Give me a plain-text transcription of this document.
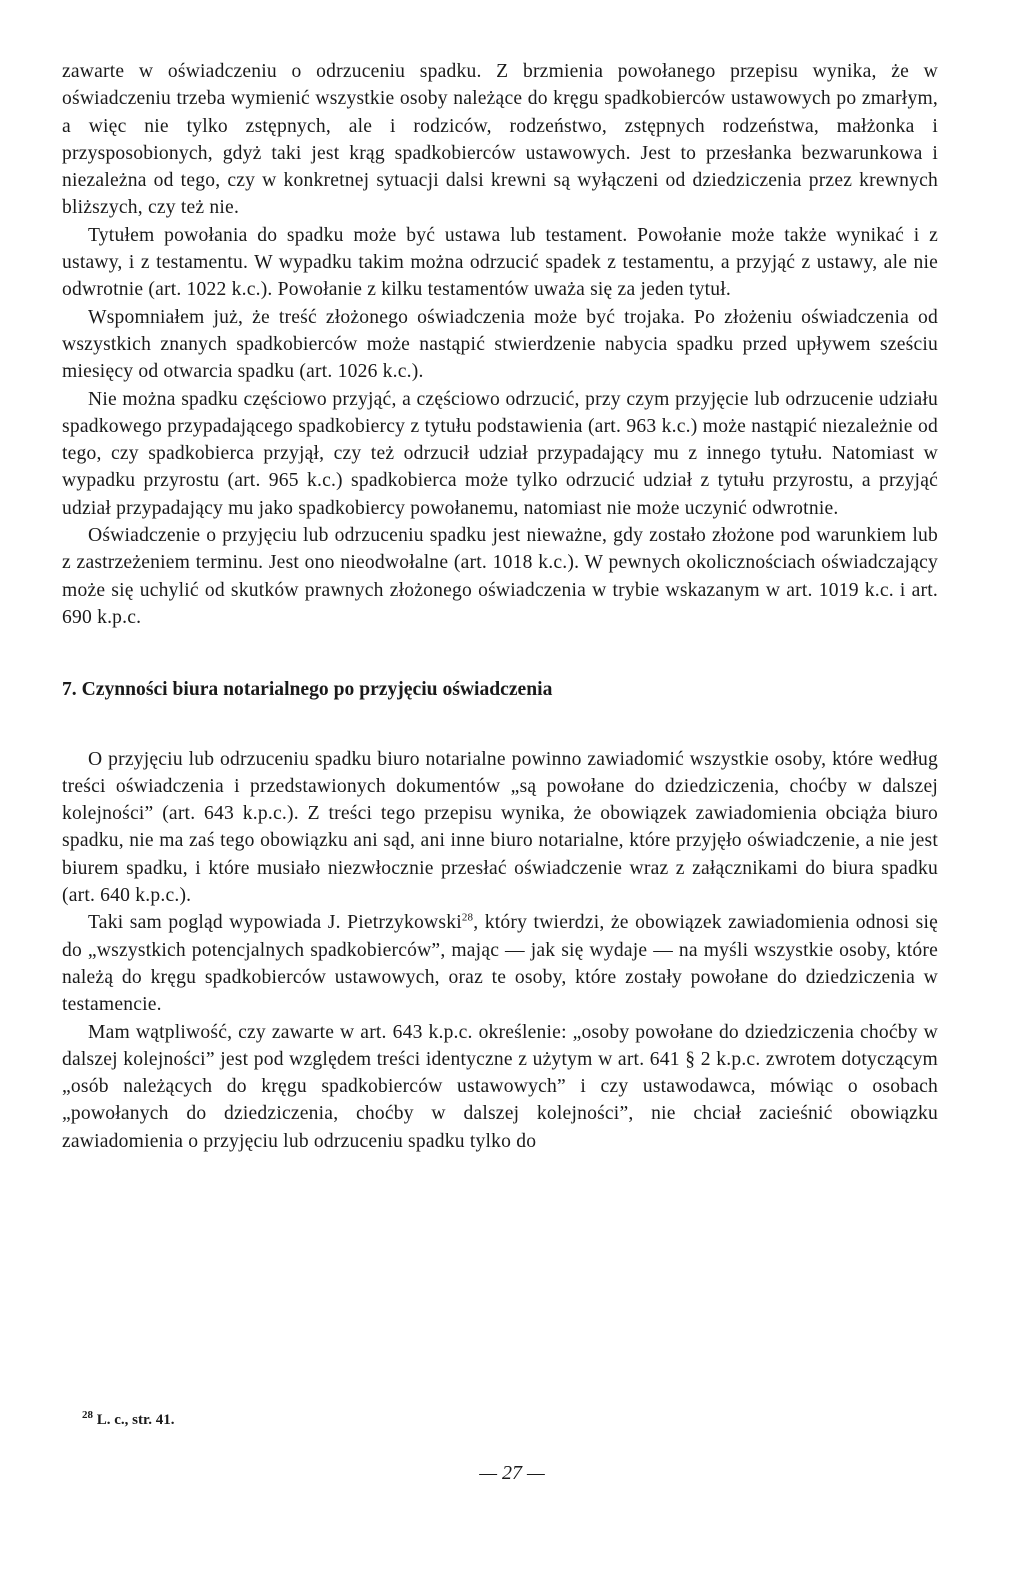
zawarte w oświadczeniu o odrzuceniu spadku. Z brzmienia powołanego przepisu wynika, że w oświadczeniu trzeba wymienić wszystkie osoby należące do kręgu spadkobierców ustawowych po zmarłym, a więc nie tylko zstępnych, ale i rodziców, rodzeństwo, zstępnych rodzeństwa, małżonka i przysposobionych, gdyż taki jest krąg spadkobierców ustawowych. Jest to przesłanka bezwarunkowa i niezależna od tego, czy w konkretnej sytuacji dalsi krewni są wyłączeni od dziedziczenia przez krewnych bliższych, czy też nie.

Tytułem powołania do spadku może być ustawa lub testament. Powołanie może także wynikać i z ustawy, i z testamentu. W wypadku takim można odrzucić spadek z testamentu, a przyjąć z ustawy, ale nie odwrotnie (art. 1022 k.c.). Powołanie z kilku testamentów uważa się za jeden tytuł.

Wspomniałem już, że treść złożonego oświadczenia może być trojaka. Po złożeniu oświadczenia od wszystkich znanych spadkobierców może nastąpić stwierdzenie nabycia spadku przed upływem sześciu miesięcy od otwarcia spadku (art. 1026 k.c.).

Nie można spadku częściowo przyjąć, a częściowo odrzucić, przy czym przyjęcie lub odrzucenie udziału spadkowego przypadającego spadkobiercy z tytułu podstawienia (art. 963 k.c.) może nastąpić niezależnie od tego, czy spadkobierca przyjął, czy też odrzucił udział przypadający mu z innego tytułu. Natomiast w wypadku przyrostu (art. 965 k.c.) spadkobierca może tylko odrzucić udział z tytułu przyrostu, a przyjąć udział przypadający mu jako spadkobiercy powołanemu, natomiast nie może uczynić odwrotnie.

Oświadczenie o przyjęciu lub odrzuceniu spadku jest nieważne, gdy zostało złożone pod warunkiem lub z zastrzeżeniem terminu. Jest ono nieodwołalne (art. 1018 k.c.). W pewnych okolicznościach oświadczający może się uchylić od skutków prawnych złożonego oświadczenia w trybie wskazanym w art. 1019 k.c. i art. 690 k.p.c.

7. Czynności biura notarialnego po przyjęciu oświadczenia

O przyjęciu lub odrzuceniu spadku biuro notarialne powinno zawiadomić wszystkie osoby, które według treści oświadczenia i przedstawionych dokumentów „są powołane do dziedziczenia, choćby w dalszej kolejności” (art. 643 k.p.c.). Z treści tego przepisu wynika, że obowiązek zawiadomienia obciąża biuro spadku, nie ma zaś tego obowiązku ani sąd, ani inne biuro notarialne, które przyjęło oświadczenie, a nie jest biurem spadku, i które musiało niezwłocznie przesłać oświadczenie wraz z załącznikami do biura spadku (art. 640 k.p.c.).

Taki sam pogląd wypowiada J. Pietrzykowski$^{28}$, który twierdzi, że obowiązek zawiadomienia odnosi się do „wszystkich potencjalnych spadkobierców”, mając — jak się wydaje — na myśli wszystkie osoby, które należą do kręgu spadkobierców ustawowych, oraz te osoby, które zostały powołane do dziedziczenia w testamencie.

Mam wątpliwość, czy zawarte w art. 643 k.p.c. określenie: „osoby powołane do dziedziczenia choćby w dalszej kolejności” jest pod względem treści identyczne z użytym w art. 641 § 2 k.p.c. zwrotem dotyczącym „osób należących do kręgu spadkobierców ustawowych” i czy ustawodawca, mówiąc o osobach „powołanych do dziedziczenia, choćby w dalszej kolejności”, nie chciał zacieśnić obowiązku zawiadomienia o przyjęciu lub odrzuceniu spadku tylko do

$^{28}$ L. c., str. 41.
— 27 —
